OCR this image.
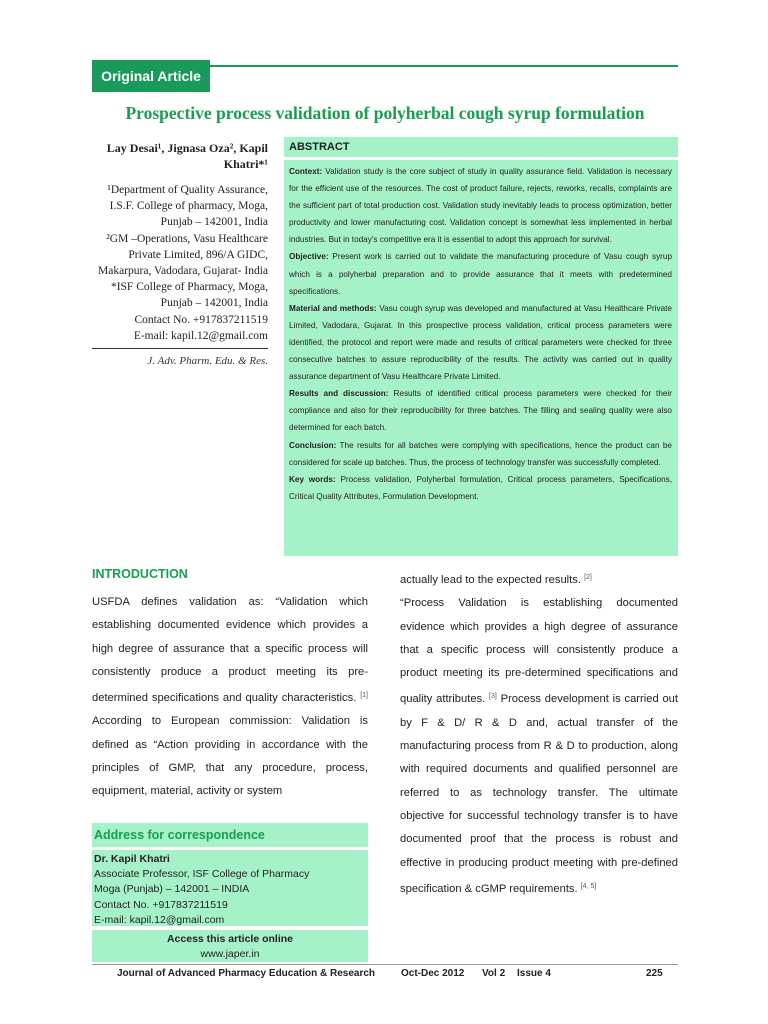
Original Article
Prospective process validation of polyherbal cough syrup formulation
Lay Desai¹, Jignasa Oza², Kapil Khatri*¹
¹Department of Quality Assurance, I.S.F. College of pharmacy, Moga, Punjab – 142001, India
²GM –Operations, Vasu Healthcare Private Limited, 896/A GIDC, Makarpura, Vadodara, Gujarat- India
*ISF College of Pharmacy, Moga, Punjab – 142001, India
Contact No. +917837211519
E-mail: kapil.12@gmail.com
J. Adv. Pharm. Edu. & Res.
ABSTRACT

Context: Validation study is the core subject of study in quality assurance field. Validation is necessary for the efficient use of the resources. The cost of product failure, rejects, reworks, recalls, complaints are the sufficient part of total production cost. Validation study inevitably leads to process optimization, better productivity and lower manufacturing cost. Validation concept is somewhat less implemented in herbal industries. But in today's competitive era it is essential to adopt this approach for survival.

Objective: Present work is carried out to validate the manufacturing procedure of Vasu cough syrup which is a polyherbal preparation and to provide assurance that it meets with predetermined specifications.

Material and methods: Vasu cough syrup was developed and manufactured at Vasu Healthcare Private Limited, Vadodara, Gujarat. In this prospective process validation, critical process parameters were identified, the protocol and report were made and results of critical parameters were checked for three consecutive batches to assure reproducibility of the results. The activity was carried out in quality assurance department of Vasu Healthcare Private Limited.

Results and discussion: Results of identified critical process parameters were checked for their compliance and also for their reproducibility for three batches. The filling and sealing quality were also determined for each batch.

Conclusion: The results for all batches were complying with specifications, hence the product can be considered for scale up batches. Thus, the process of technology transfer was successfully completed.

Key words: Process validation, Polyherbal formulation, Critical process parameters, Specifications, Critical Quality Attributes, Formulation Development.

INTRODUCTION
USFDA defines validation as: “Validation which establishing documented evidence which provides a high degree of assurance that a specific process will consistently produce a product meeting its pre-determined specifications and quality characteristics. [1] According to European commission: Validation is defined as “Action providing in accordance with the principles of GMP, that any procedure, process, equipment, material, activity or system
actually lead to the expected results. [2]
“Process Validation is establishing documented evidence which provides a high degree of assurance that a specific process will consistently produce a product meeting its pre-determined specifications and quality attributes. [3] Process development is carried out by F & D/ R & D and, actual transfer of the manufacturing process from R & D to production, along with required documents and qualified personnel are referred to as technology transfer. The ultimate objective for successful technology transfer is to have documented proof that the process is robust and effective in producing product meeting with pre-defined specification & cGMP requirements. [4, 5]
Address for correspondence
Dr. Kapil Khatri
Associate Professor, ISF College of Pharmacy
Moga (Punjab) – 142001 – INDIA
Contact No. +917837211519
E-mail: kapil.12@gmail.com
Access this article online
www.japer.in
Journal of Advanced Pharmacy Education & Research	Oct-Dec 2012 Vol 2 Issue 4	225
